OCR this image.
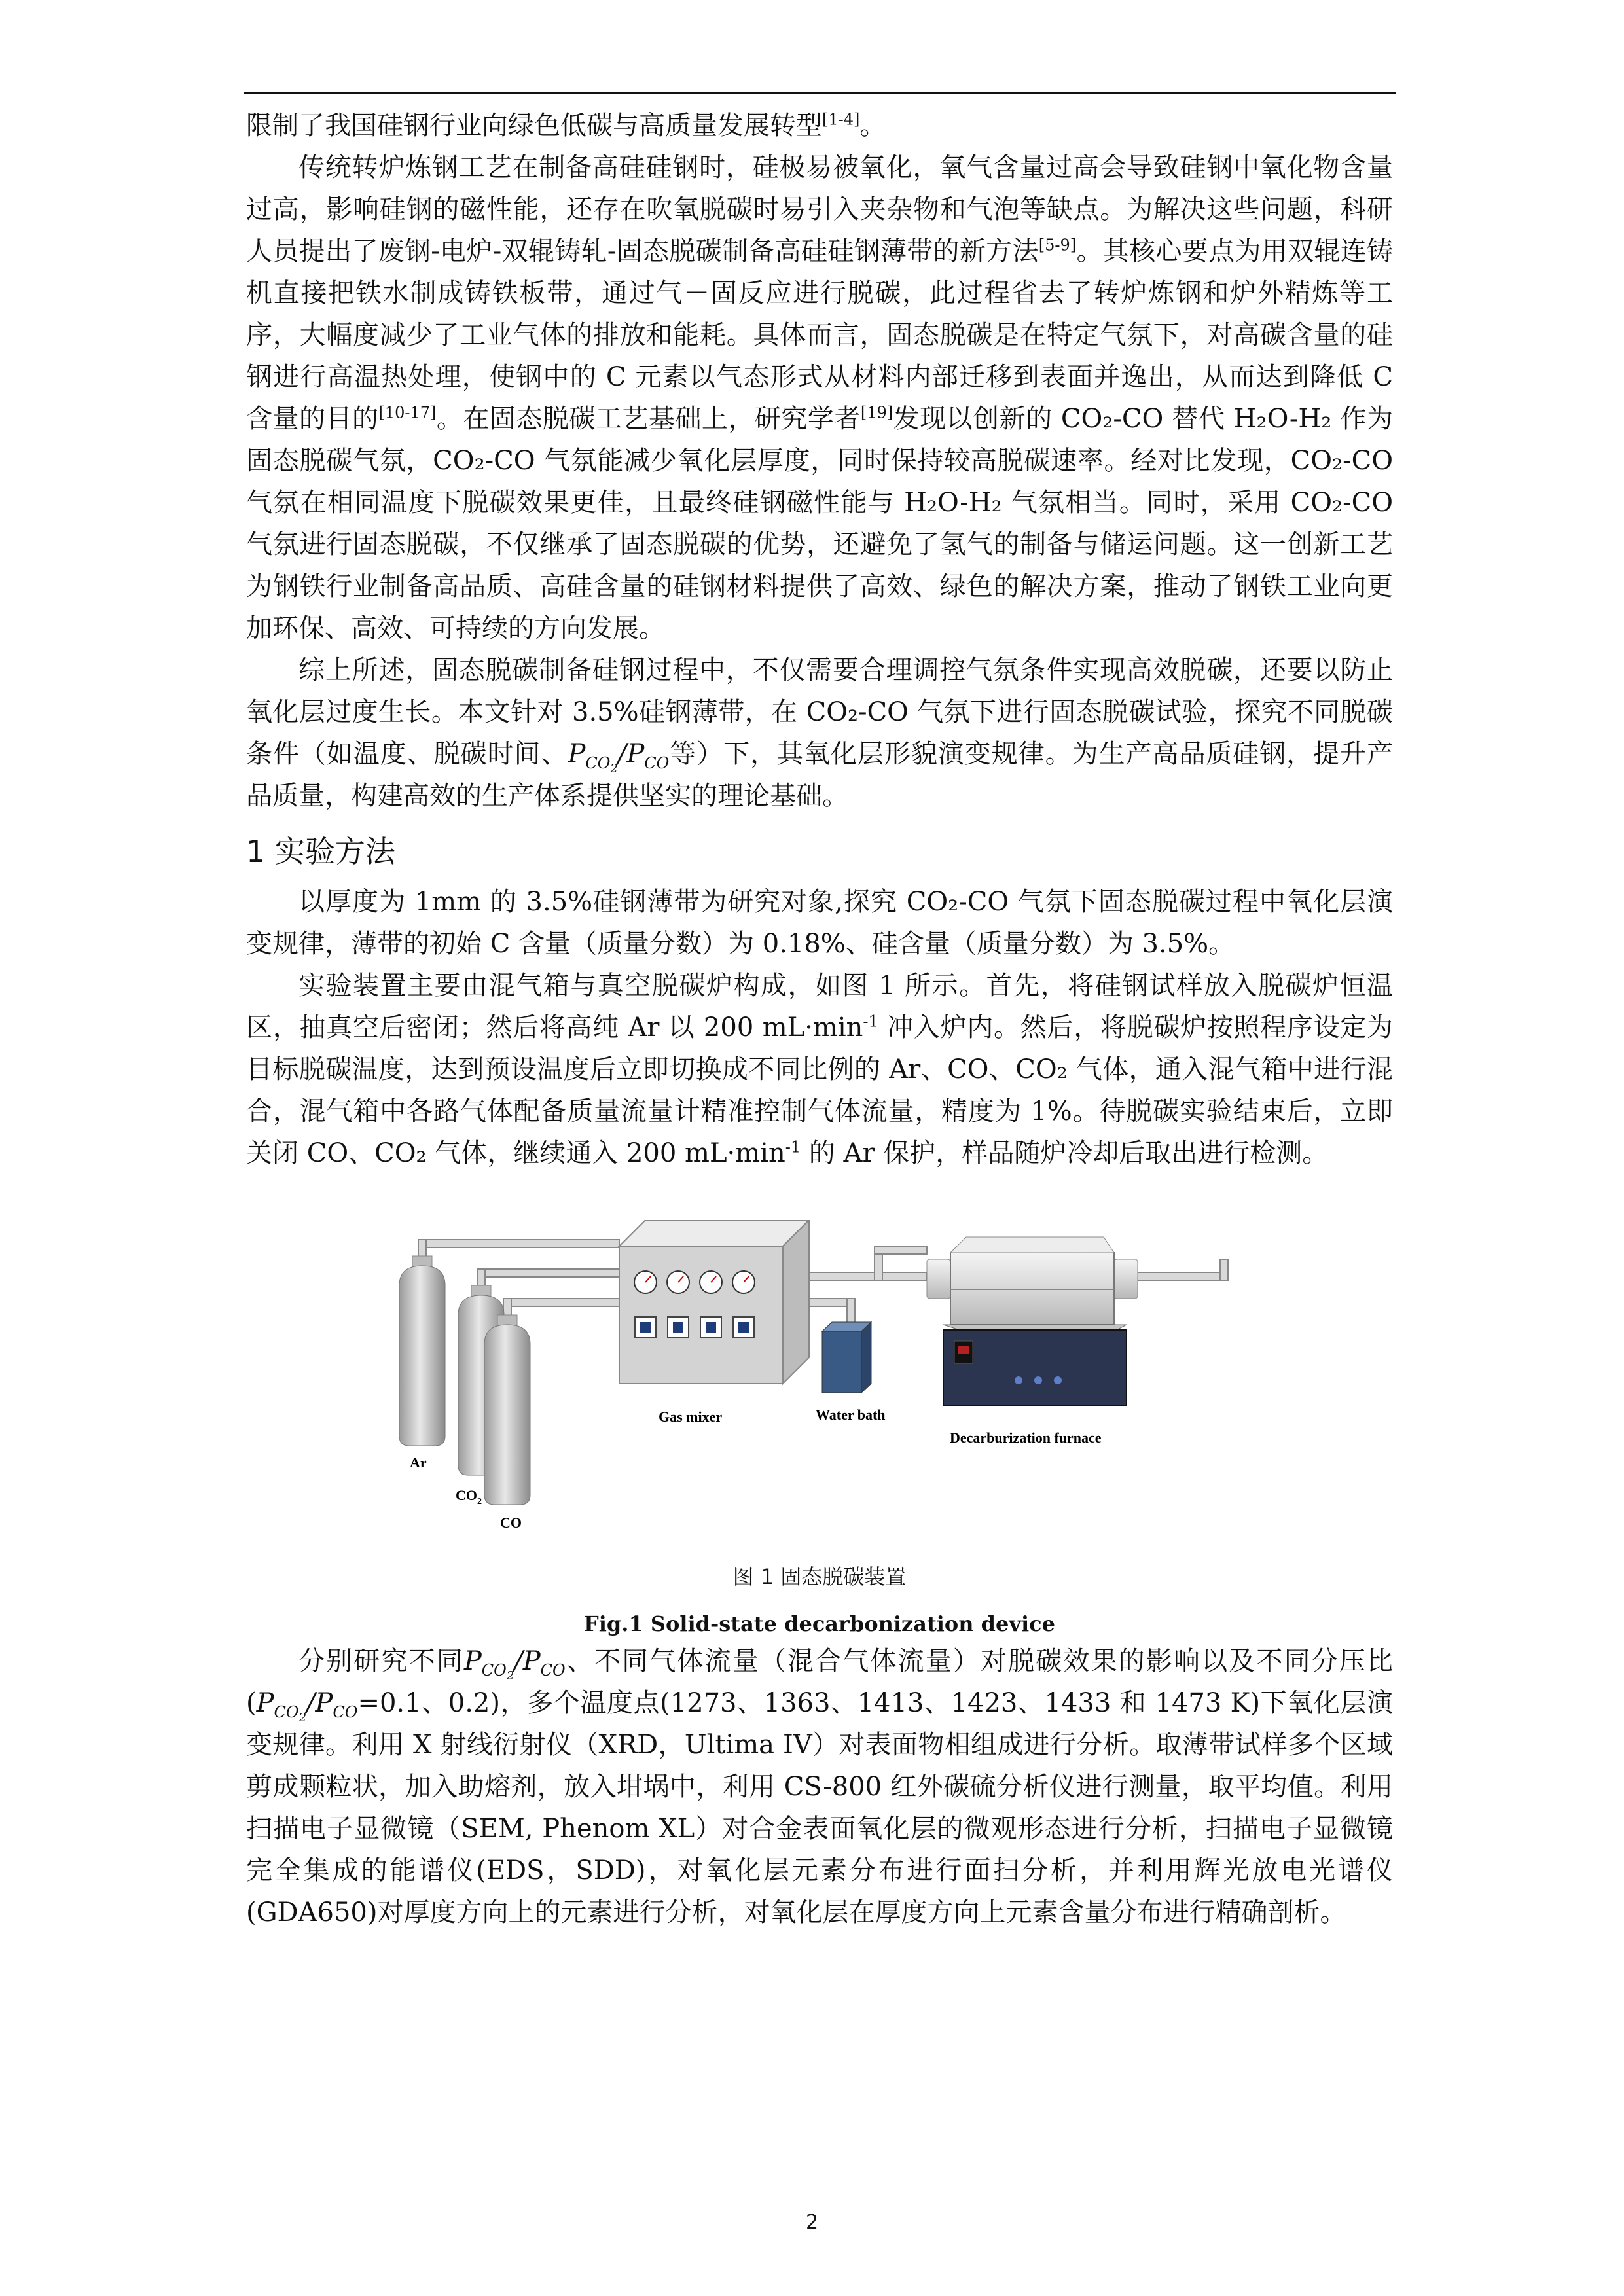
限制了我国硅钢行业向绿色低碳与高质量发展转型[1-4]。

传统转炉炼钢工艺在制备高硅硅钢时，硅极易被氧化，氧气含量过高会导致硅钢中氧化物含量过高，影响硅钢的磁性能，还存在吹氧脱碳时易引入夹杂物和气泡等缺点。为解决这些问题，科研人员提出了废钢-电炉-双辊铸轧-固态脱碳制备高硅硅钢薄带的新方法[5-9]。其核心要点为用双辊连铸机直接把铁水制成铸铁板带，通过气－固反应进行脱碳，此过程省去了转炉炼钢和炉外精炼等工序，大幅度减少了工业气体的排放和能耗。具体而言，固态脱碳是在特定气氛下，对高碳含量的硅钢进行高温热处理，使钢中的 C 元素以气态形式从材料内部迁移到表面并逸出，从而达到降低 C 含量的目的[10-17]。在固态脱碳工艺基础上，研究学者[19]发现以创新的 CO₂-CO 替代 H₂O-H₂ 作为固态脱碳气氛，CO₂-CO 气氛能减少氧化层厚度，同时保持较高脱碳速率。经对比发现，CO₂-CO 气氛在相同温度下脱碳效果更佳，且最终硅钢磁性能与 H₂O-H₂ 气氛相当。同时，采用 CO₂-CO 气氛进行固态脱碳，不仅继承了固态脱碳的优势，还避免了氢气的制备与储运问题。这一创新工艺为钢铁行业制备高品质、高硅含量的硅钢材料提供了高效、绿色的解决方案，推动了钢铁工业向更加环保、高效、可持续的方向发展。

综上所述，固态脱碳制备硅钢过程中，不仅需要合理调控气氛条件实现高效脱碳，还要以防止氧化层过度生长。本文针对 3.5%硅钢薄带，在 CO₂-CO 气氛下进行固态脱碳试验，探究不同脱碳条件（如温度、脱碳时间、$P_{CO_2}/P_{CO}$等）下，其氧化层形貌演变规律。为生产高品质硅钢，提升产品质量，构建高效的生产体系提供坚实的理论基础。

1 实验方法

以厚度为 1mm 的 3.5%硅钢薄带为研究对象,探究 CO₂-CO 气氛下固态脱碳过程中氧化层演变规律，薄带的初始 C 含量（质量分数）为 0.18%、硅含量（质量分数）为 3.5%。

实验装置主要由混气箱与真空脱碳炉构成，如图 1 所示。首先，将硅钢试样放入脱碳炉恒温区，抽真空后密闭；然后将高纯 Ar 以 200 $mL\cdot\min^{-1}$ 冲入炉内。然后，将脱碳炉按照程序设定为目标脱碳温度，达到预设温度后立即切换成不同比例的 Ar、CO、CO₂ 气体，通入混气箱中进行混合，混气箱中各路气体配备质量流量计精准控制气体流量，精度为 1%。待脱碳实验结束后，立即关闭 CO、CO₂ 气体，继续通入 200 $mL\cdot\min^{-1}$ 的 Ar 保护，样品随炉冷却后取出进行检测。

Ar
$CO_2$
CO
Gas mixer	Water bath
Decarburization furnace
图 1 固态脱碳装置
Fig.1 Solid-state decarbonization device

分别研究不同$P_{CO_2}/P_{CO}$、不同气体流量（混合气体流量）对脱碳效果的影响以及不同分压比($P_{CO_2}/P_{CO}=0.1$、0.2)，多个温度点(1273、1363、1413、1423、1433 和 1473 K)下氧化层演变规律。利用 X 射线衍射仪（XRD，Ultima IV）对表面物相组成进行分析。取薄带试样多个区域剪成颗粒状，加入助熔剂，放入坩埚中，利用 CS-800 红外碳硫分析仪进行测量，取平均值。利用扫描电子显微镜（SEM, Phenom XL）对合金表面氧化层的微观形态进行分析，扫描电子显微镜完全集成的能谱仪(EDS，SDD)，对氧化层元素分布进行面扫分析，并利用辉光放电光谱仪(GDA650)对厚度方向上的元素进行分析，对氧化层在厚度方向上元素含量分布进行精确剖析。

2
